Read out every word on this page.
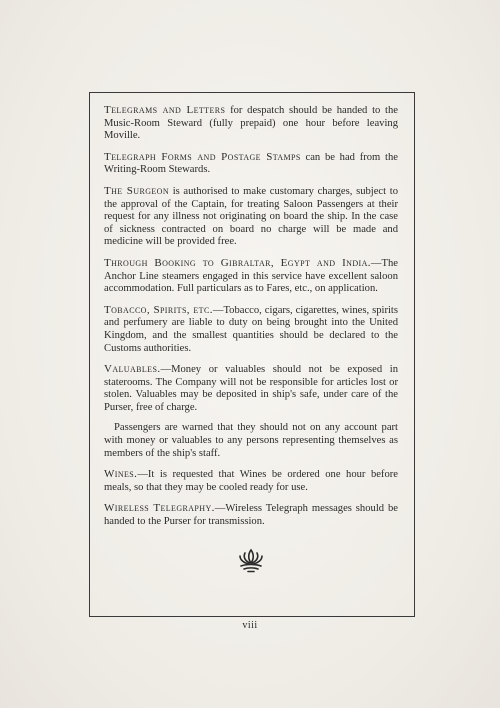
Telegrams and Letters for despatch should be handed to the Music-Room Steward (fully prepaid) one hour before leaving Moville.

Telegraph Forms and Postage Stamps can be had from the Writing-Room Stewards.

The Surgeon is authorised to make customary charges, subject to the approval of the Captain, for treating Saloon Passengers at their request for any illness not originating on board the ship. In the case of sickness contracted on board no charge will be made and medicine will be provided free.

Through Booking to Gibraltar, Egypt and India.—The Anchor Line steamers engaged in this service have excellent saloon accommodation. Full particulars as to Fares, etc., on application.

Tobacco, Spirits, etc.—Tobacco, cigars, cigarettes, wines, spirits and perfumery are liable to duty on being brought into the United Kingdom, and the smallest quantities should be declared to the Customs authorities.

Valuables.—Money or valuables should not be exposed in staterooms. The Company will not be responsible for articles lost or stolen. Valuables may be deposited in ship's safe, under care of the Purser, free of charge.

Passengers are warned that they should not on any account part with money or valuables to any persons representing themselves as members of the ship's staff.

Wines.—It is requested that Wines be ordered one hour before meals, so that they may be cooled ready for use.

Wireless Telegraphy.—Wireless Telegraph messages should be handed to the Purser for transmission.

viii
